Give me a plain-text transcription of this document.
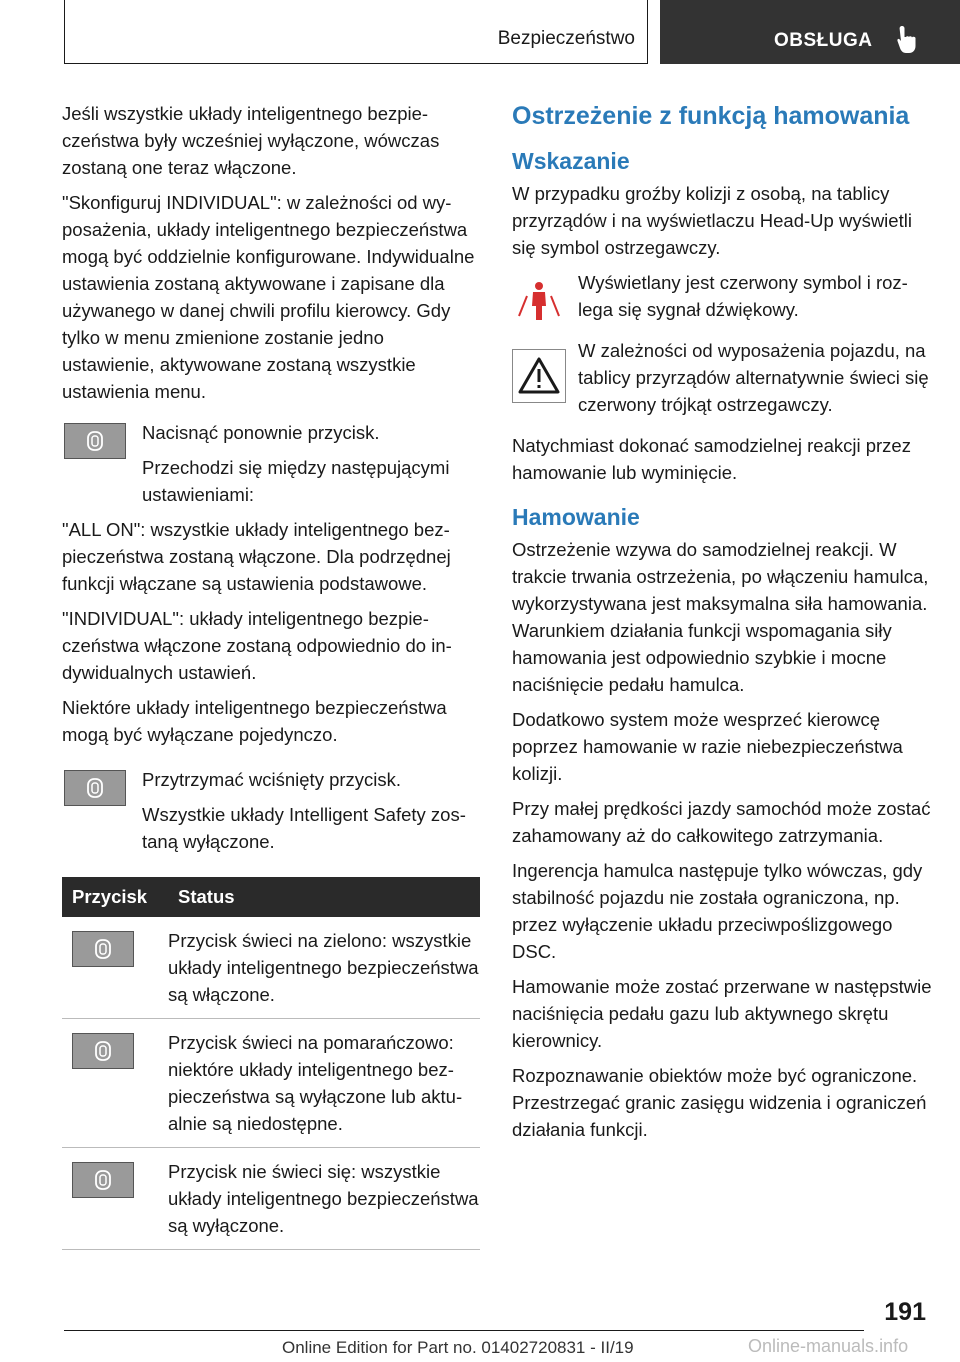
Bezpieczeństwo	OBSŁUGA

Jeśli wszystkie układy inteligentnego bezpieczeństwa były wcześniej wyłączone, wówczas zostaną one teraz włączone.

"Skonfiguruj INDIVIDUAL": w zależności od wyposażenia, układy inteligentnego bezpieczeństwa mogą być oddzielnie konfigurowane. Indywidualne ustawienia zostaną aktywowane i zapisane dla używanego w danej chwili profilu kierowcy. Gdy tylko w menu zmienione zostanie jedno ustawienie, aktywowane zostaną wszystkie ustawienia menu.

Nacisnąć ponownie przycisk.

Przechodzi się między następującymi ustawieniami:

"ALL ON": wszystkie układy inteligentnego bezpieczeństwa zostaną włączone. Dla podrzędnej funkcji włączane są ustawienia podstawowe.

"INDIVIDUAL": układy inteligentnego bezpieczeństwa włączone zostaną odpowiednio do indywidualnych ustawień.

Niektóre układy inteligentnego bezpieczeństwa mogą być wyłączane pojedynczo.

Przytrzymać wciśnięty przycisk.

Wszystkie układy Intelligent Safety zostaną wyłączone.

Przycisk	Status

	Przycisk świeci na zielono: wszystkie układy inteligentnego bezpieczeństwa są włączone.

	Przycisk świeci na pomarańczowo: niektóre układy inteligentnego bezpieczeństwa są wyłączone lub aktualnie są niedostępne.

	Przycisk nie świeci się: wszystkie układy inteligentnego bezpieczeństwa są wyłączone.
Ostrzeżenie z funkcją hamowania
Wskazanie

W przypadku groźby kolizji z osobą, na tablicy przyrządów i na wyświetlaczu Head-Up wyświetli się symbol ostrzegawczy.

Wyświetlany jest czerwony symbol i rozlega się sygnał dźwiękowy.

W zależności od wyposażenia pojazdu, na tablicy przyrządów alternatywnie świeci się czerwony trójkąt ostrzegawczy.

Natychmiast dokonać samodzielnej reakcji przez hamowanie lub wyminięcie.

Hamowanie

Ostrzeżenie wzywa do samodzielnej reakcji. W trakcie trwania ostrzeżenia, po włączeniu hamulca, wykorzystywana jest maksymalna siła hamowania. Warunkiem działania funkcji wspomagania siły hamowania jest odpowiednio szybkie i mocne naciśnięcie pedału hamulca.

Dodatkowo system może wesprzeć kierowcę poprzez hamowanie w razie niebezpieczeństwa kolizji.

Przy małej prędkości jazdy samochód może zostać zahamowany aż do całkowitego zatrzymania.

Ingerencja hamulca następuje tylko wówczas, gdy stabilność pojazdu nie została ograniczona, np. przez wyłączenie układu przeciwpoślizgowego DSC.

Hamowanie może zostać przerwane w następstwie naciśnięcia pedału gazu lub aktywnego skrętu kierownicy.

Rozpoznawanie obiektów może być ograniczone. Przestrzegać granic zasięgu widzenia i ograniczeń działania funkcji.

191
Online Edition for Part no. 01402720831 - II/19	Online-manuals.info
